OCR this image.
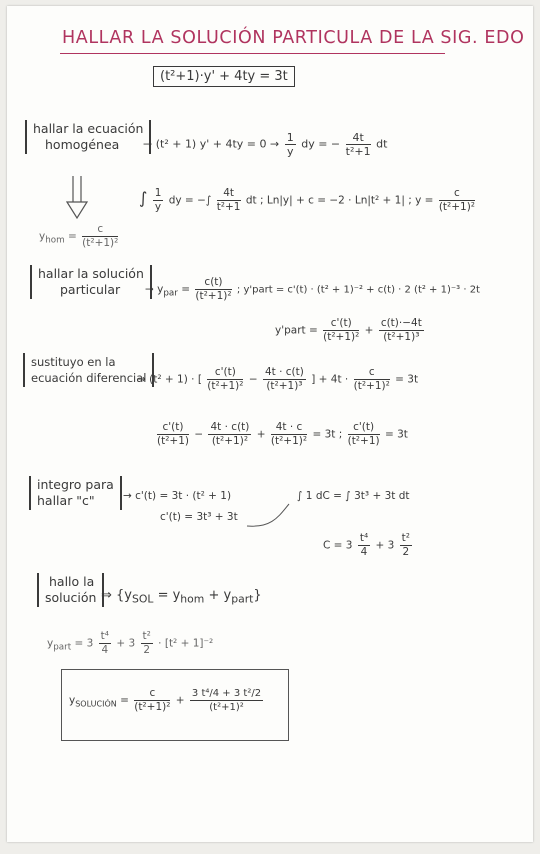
HALLAR LA SOLUCIÓN PARTICULA DE LA SIG. EDO
(t²+1)·y' + 4ty = 3t
hallar la ecuación
homogénea	→ (t² + 1) $y' + 4ty = 0 \to \frac{1}{y}$ dy = − $\frac{4t}{\text{t²+1}}$ dt
∫ $\frac{1}{y}$ dy = −∫ $\frac{4t}{\text{t²+1}}$ dt ; Ln|y| + c = −2 · Ln|t² + 1| ; $y = \frac{c}{\text{(t²+1)²}}$
$y_{hom} = \frac{c}{\text{(t²+1)²}}$
hallar la solución
particular	→ $y_{par} = \frac{c(t)}{\text{(t²+1)²}}$ ; y'part = c'(t) · (t² + 1)⁻² + c(t) · 2 (t² + 1)⁻³ · 2t
y'part = $\frac{c'(t)}{\text{(t²+1)²}} + \frac{c(t)\cdot-4t}{\text{(t²+1)³}}$
sustituyo en la
ecuación diferencial
→ (t² + 1) · [ $\frac{c'(t)}{\text{(t²+1)²}} - \frac{4t \cdot c(t)}{\text{(t²+1)³}}$ ] + $4t \cdot \frac{c}{\text{(t²+1)²}} = 3t$
$\frac{c'(t)}{\text{(t²+1)}} - \frac{4t \cdot c(t)}{\text{(t²+1)²}} + \frac{4t \cdot c}{\text{(t²+1)²}} = 3t$ ; $\frac{c'(t)}{\text{(t²+1)}} = 3t$
integro para
hallar "c"	→ c'(t) = 3t · (t² + 1)
c'(t) = 3t³ + 3t
∫ 1 dC = ∫ 3t³ + 3t dt
$C = 3 \frac{\text{t⁴}}{4} + 3 \frac{\text{t²}}{2}$
hallo la
solución ⇒ $\{y_{SOL} = y_{hom} + y_{part}\}$
$y_{part} = 3 \frac{\text{t⁴}}{4} + 3 \frac{\text{t²}}{2} \cdot [t^2 + 1]^{-2}$
$y_{SOLUCIÓN} = \frac{c}{\text{(t²+1)²}} + \frac{\text{3 t⁴/4 + 3 t²/2}}{\text{(t²+1)²}}$
